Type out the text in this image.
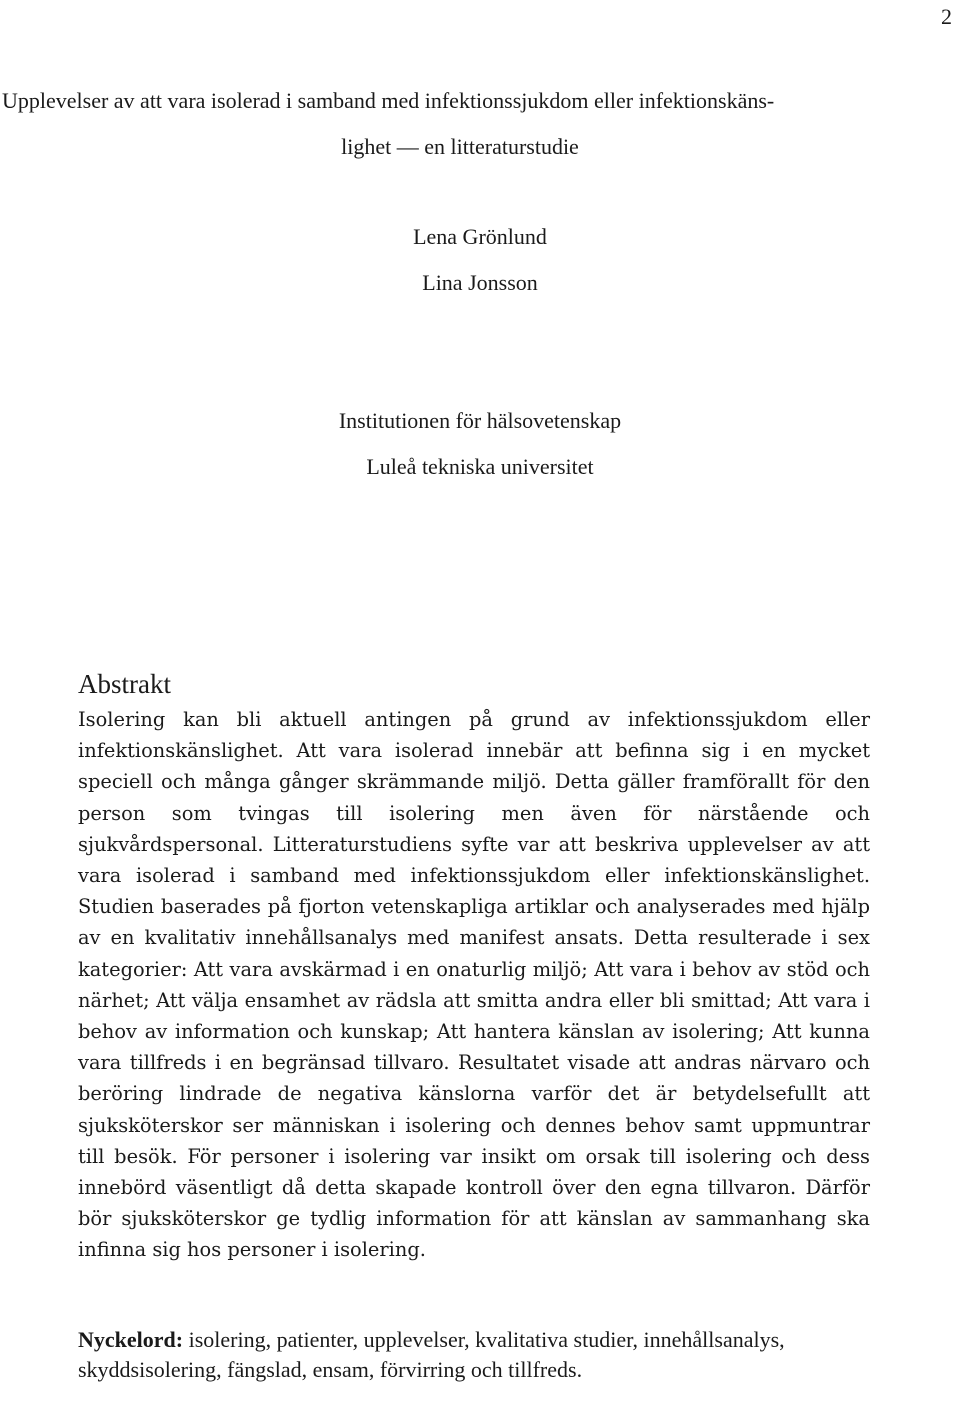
2
Upplevelser av att vara isolerad i samband med infektionssjukdom eller infektionskäns-
lighet — en litteraturstudie
Lena Grönlund
Lina Jonsson
Institutionen för hälsovetenskap
Luleå tekniska universitet
Abstrakt

Isolering kan bli aktuell antingen på grund av infektionssjukdom eller infektionskänslighet. Att vara isolerad innebär att befinna sig i en mycket speciell och många gånger skrämmande miljö. Detta gäller framförallt för den person som tvingas till isolering men även för närstående och sjukvårdspersonal. Litteraturstudiens syfte var att beskriva upplevelser av att vara isolerad i samband med infektionssjukdom eller infektionskänslighet. Studien baserades på fjorton vetenskapliga artiklar och analyserades med hjälp av en kvalitativ innehållsanalys med manifest ansats. Detta resulterade i sex kategorier: Att vara avskärmad i en onaturlig miljö; Att vara i behov av stöd och närhet; Att välja ensamhet av rädsla att smitta andra eller bli smittad; Att vara i behov av information och kunskap; Att hantera känslan av isolering; Att kunna vara tillfreds i en begränsad tillvaro. Resultatet visade att andras närvaro och beröring lindrade de negativa känslorna varför det är betydelsefullt att sjuksköterskor ser människan i isolering och dennes behov samt uppmuntrar till besök. För personer i isolering var insikt om orsak till isolering och dess innebörd väsentligt då detta skapade kontroll över den egna tillvaron. Därför bör sjuksköterskor ge tydlig information för att känslan av sammanhang ska infinna sig hos personer i isolering.

Nyckelord: isolering, patienter, upplevelser, kvalitativa studier, innehållsanalys, skyddsisolering, fängslad, ensam, förvirring och tillfreds.
